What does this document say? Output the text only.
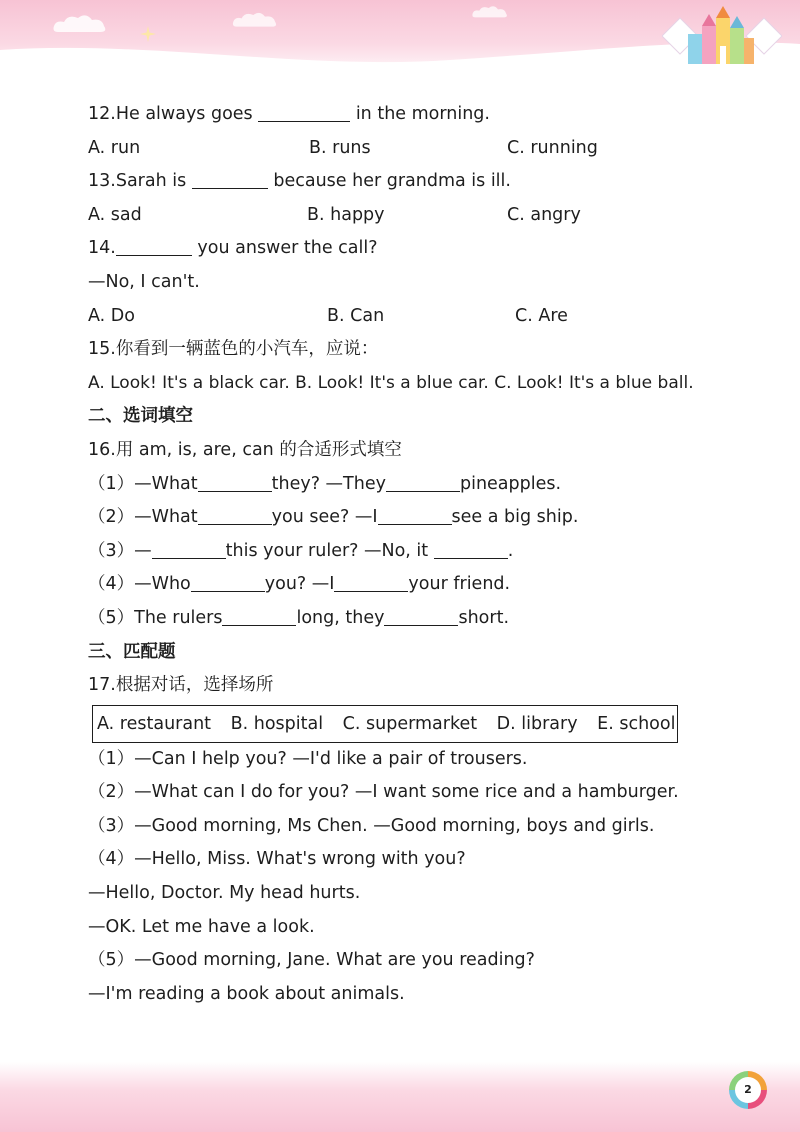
12.He always goes	in the morning.
A. run	B. runs	C. running
13.Sarah is	because her grandma is ill.
A. sad	B. happy	C. angry
14.	you answer the call?
—No, I can't.
A. Do	B. Can	C. Are
15.你看到一辆蓝色的小汽车，应说：
A. Look! It's a black car. B. Look! It's a blue car. C. Look! It's a blue ball.
二、选词填空
16.用 am, is, are, can 的合适形式填空
（1）—What	they? —They	pineapples.
（2）—What	you see? —I	see a big ship.
（3）—	this your ruler? —No, it	.
（4）—Who	you? —I	your friend.
（5）The rulers	long, they	short.
三、匹配题
17.根据对话，选择场所
A. restaurant B. hospital C. supermarket D. library E. school
（1）—Can I help you? —I'd like a pair of trousers.
（2）—What can I do for you? —I want some rice and a hamburger.
（3）—Good morning, Ms Chen. —Good morning, boys and girls.
（4）—Hello, Miss. What's wrong with you?
—Hello, Doctor. My head hurts.
—OK. Let me have a look.
（5）—Good morning, Jane. What are you reading?
—I'm reading a book about animals.
2
